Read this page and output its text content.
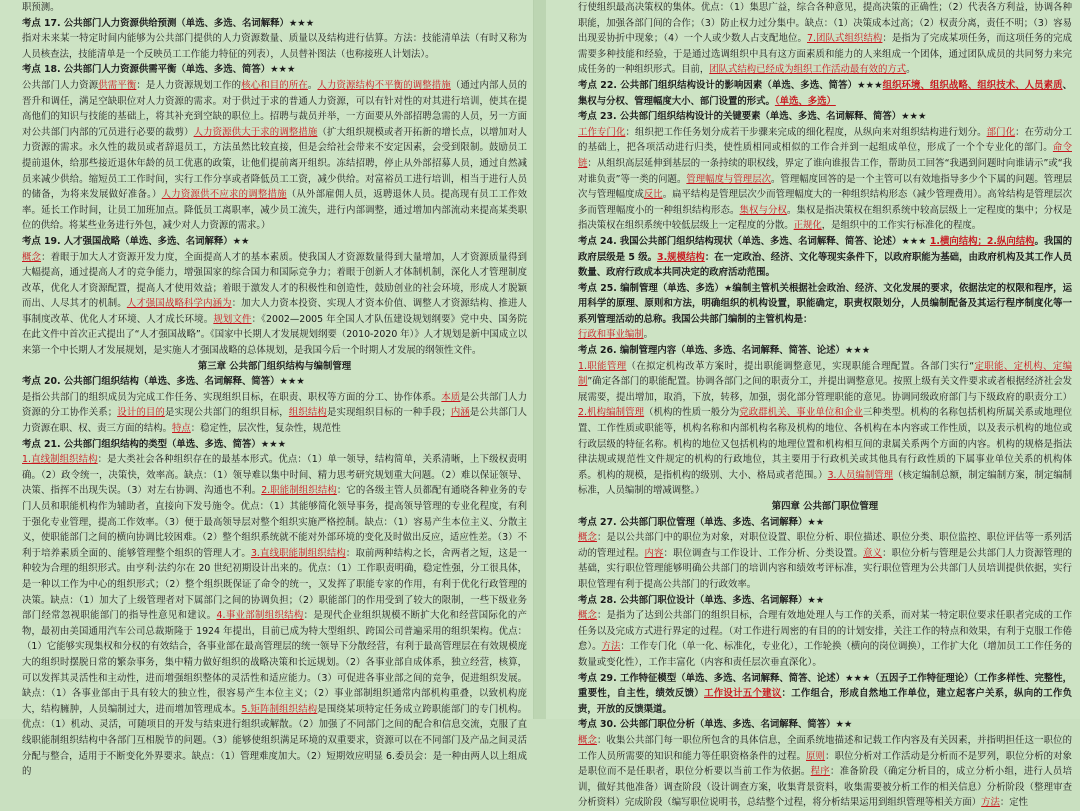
职预测。

考点 17. 公共部门人力资源供给预测（单选、多选、名词解释）★★★

指对未来某一特定时间内能够为公共部门提供的人力资源数量、质量以及结构进行估算。方法：技能清单法（有时又称为人员核查法，技能清单是一个反映员工工作能力特征的列表），人员替补图法（也称接班人计划法）。

考点 18. 公共部门人力资源供需平衡（单选、多选、简答）★★★

公共部门人力资源供需平衡：是人力资源规划工作的核心和目的所在。人力资源结构不平衡的调整措施（通过内部人员的晋升和调任，满足空缺职位对人力资源的需求。对于供过于求的普通人力资源，可以有针对性的对其进行培训，使其在提高他们的知识与技能的基础上，将其补充到空缺的职位上。招聘与裁员并举，一方面要从外部招聘急需的人员，另一方面对公共部门内部的冗员进行必要的裁剪）人力资源供大于求的调整措施（扩大组织规模或者开拓新的增长点，以增加对人力资源的需求。永久性的裁员或者辞退员工，方法虽然比较直接，但是会给社会带来不安定因素，会受到限制。鼓励员工提前退休，给那些接近退休年龄的员工优惠的政策，让他们提前离开组织。冻结招聘，停止从外部招募人员，通过自然减员来减少供给。缩短员工工作时间，实行工作分享或者降低员工工资，减少供给。对富裕员工进行培训，相当于进行人员的储备，为将来发展做好准备。）人力资源供不应求的调整措施（从外部雇佣人员，返聘退休人员。提高现有员工工作效率。延长工作时间，让员工加班加点。降低员工离职率，减少员工流失，进行内部调整，通过增加内部流动来提高某类职位的供给。将某些业务进行外包，减少对人力资源的需求。）

考点 19. 人才强国战略（单选、多选、名词解释）★★

概念：着眼于加大人才资源开发力度，全面提高人才的基本素质。使我国人才资源数量得到大量增加，人才资源质量得到大幅提高，通过提高人才的竞争能力，增强国家的综合国力和国际竞争力；着眼于创新人才体制机制，深化人才管理制度改革，优化人才资源配置，提高人才使用效益；着眼于激发人才的积极性和创造性，鼓励创业的社会环境，形成人才脱颖而出、人尽其才的机制。人才强国战略科学内涵为：加大人力资本投资、实现人才资本价值、调整人才资源结构、推进人事制度改革、优化人才环境、人才成长环境。规划文件：《2002—2005 年全国人才队伍建设规划纲要》党中央、国务院在此文件中首次正式提出了“人才强国战略”。《国家中长期人才发展规划纲要（2010-2020 年）》人才规划是新中国成立以来第一个中长期人才发展规划，是实施人才强国战略的总体规划，是我国今后一个时期人才发展的纲领性文件。

第三章 公共部门组织结构与编制管理

考点 20. 公共部门组织结构（单选、多选、名词解释、简答）★★★

是指公共部门的组织成员为完成工作任务、实现组织目标，在职责、职权等方面的分工、协作体系。本质是公共部门人力资源的分工协作关系；设计的目的是实现公共部门的组织目标，组织结构是实现组织目标的一种手段；内涵是公共部门人力资源在职、权、责三方面的结构。特点：稳定性，层次性，复杂性，规范性

考点 21. 公共部门组织结构的类型（单选、多选、简答）★★★

1.直线制组织结构：是大类社会各种组织存在的最基本形式。优点：（1）单一领导，结构简单，关系清晰，上下级权责明确。（2）政令统一，决策快，效率高。缺点：（1）领导难以集中时间、精力思考研究规划重大问题。（2）难以保证领导、决策、指挥不出现失误。（3）对左右协调、沟通也不利。2.职能制组织结构：它的各级主管人员都配有通晓各种业务的专门人员和职能机构作为辅助者，直接向下发号施令。优点：（1）其能够简化领导事务，提高领导管理的专业化程度，有利于强化专业管理，提高工作效率。（3）便于最高领导层对整个组织实施严格控制。缺点：（1）容易产生本位主义、分散主义，使职能部门之间的横向协调比较困难。（2）整个组织系统就不能对外部环境的变化及时做出反应，适应性差。（3）不利于培养素质全面的、能够管理整个组织的管理人才。3.直线职能制组织结构：取前两种结构之长，舍两者之短，这是一种较为合理的组织形式。由亨利·法约尔在 20 世纪初期设计出来的。优点：（1）工作职责明确，稳定性强，分工很具体，是一种以工作为中心的组织形式；（2）整个组织既保证了命令的统一，又发挥了职能专家的作用，有利于优化行政管理的决策。缺点：（1）加大了上级管理者对下属部门之间的协调负担；（2）职能部门的作用受到了较大的限制，一些下级业务部门经常忽视职能部门的指导性意见和建议。4.事业部制组织结构：是现代企业组织规模不断扩大化和经营国际化的产物，最初由美国通用汽车公司总裁斯隆于 1924 年提出，目前已成为特大型组织、跨国公司普遍采用的组织架构。优点：（1）它能够实现集权和分权的有效结合，各事业部在最高管理层的统一领导下分散经营，有利于最高管理层在有效规模庞大的组织时摆脱日常的繁杂事务，集中精力做好组织的战略决策和长远规划。（2）各事业部自成体系，独立经营，核算，可以发挥其灵活性和主动性，进而增强组织整体的灵活性和适应能力。（3）可促进各事业部之间的竞争，促进组织发展。缺点：（1）各事业部由于具有较大的独立性，很容易产生本位主义；（2）事业部制组织通常内部机构重叠，以致机构庞大，结构臃肿，人员编制过大，进而增加管理成本。5.矩阵制组织结构是围绕某项特定任务成立跨职能部门的专门机构。优点：（1）机动、灵活，可随项目的开发与结束进行组织或解散。（2）加强了不同部门之间的配合和信息交流，克服了直线职能制组织结构中各部门互相脱节的问题。（3）能够使组织满足环境的双重要求，资源可以在不同部门及产品之间灵活分配与整合，适用于不断变化外界要求。缺点：（1）管理难度加大。（2）短期效应明显 6.委员会：是一种由两人以上组成的

行使组织最高决策权的集体。优点：（1）集思广益，综合各种意见，提高决策的正确性；（2）代表各方利益，协调各种职能，加强各部门间的合作；（3）防止权力过分集中。缺点：（1）决策成本过高；（2）权责分离，责任不明；（3）容易出现妥协折中现象；（4）一个人或少数人占支配地位。7.团队式组织结构：是指为了完成某项任务，而这项任务的完成需要多种技能和经验，于是通过选调组织中具有这方面素质和能力的人来组成一个团体，通过团队成员的共同努力来完成任务的一种组织形式。目前，团队式结构已经成为组织工作活动最有效的方式。

考点 22. 公共部门组织结构设计的影响因素（单选、多选、简答）★★★组织环境、组织战略、组织技术、人员素质、集权与分权、管理幅度大小、部门设置的形式。（单选、多选）

考点 23. 公共部门组织结构设计的关键要素（单选、多选、名词解释、简答）★★★

工作专门化：组织把工作任务划分成若干步骤来完成的细化程度，从纵向来对组织结构进行划分。部门化：在劳动分工的基础上，把各项活动进行归类，使性质相同或相似的工作合并到一起组成单位，形成了一个个专业化的部门。命令链：从组织高层延伸到基层的一条持续的职权线，界定了谁向谁报告工作，帮助员工回答“我遇到问题时向谁请示”或“我对谁负责”等一类的问题。管理幅度与管理层次。管理幅度回答的是一个主管可以有效地指导多少个下属的问题。管理层次与管理幅度成反比。扁平结构是管理层次少而管理幅度大的一种组织结构形态（减少管理费用）。高耸结构是管理层次多而管理幅度小的一种组织结构形态。集权与分权。集权是指决策权在组织系统中较高层级上一定程度的集中；分权是指决策权在组织系统中较低层级上一定程度的分散。正规化，是组织中的工作实行标准化的程度。

考点 24. 我国公共部门组织结构现状（单选、多选、名词解释、简答、论述）★★★ 1.横向结构；2.纵向结构。我国的政府层级是 5 级。3.规模结构：在一定政治、经济、文化等现实条件下，以政府职能为基础，由政府机构及其工作人员数量、政府行政成本共同决定的政府活动范围。

考点 25. 编制管理（单选、多选）★编制主管机关根据社会政治、经济、文化发展的要求，依据法定的权限和程序，运用科学的原理、原则和方法，明确组织的机构设置，职能确定，职责权限划分，人员编制配备及其运行程序制度化等一系列管理活动的总称。我国公共部门编制的主管机构是：

行政和事业编制。

考点 26. 编制管理内容（单选、多选、名词解释、简答、论述）★★★

1.职能管理（在拟定机构改革方案时，提出职能调整意见，实现职能合理配置。各部门实行“定职能、定机构、定编制”确定各部门的职能配置。协调各部门之间的职责分工，并提出调整意见。按照上级有关文件要求或者根据经济社会发展需要，提出增加，取消，下放，转移，加强，弱化部分管理职能的意见。协调同级政府部门与下级政府的职责分工）2.机构编制管理（机构的性质一般分为党政群机关、事业单位和企业三种类型。机构的名称包括机构所属关系或地理位置、工作性质或职能等，机构名称和内部机构名称及机构的地位、各机构在本内容或工作性质，以及表示机构的地位或行政层级的特征名称。机构的地位又包括机构的地理位置和机构相互间的隶属关系两个方面的内容。机构的规格是指法律法规或规范性文件规定的机构的行政地位，其主要用于行政机关或其他具有行政性质的下属事业单位关系的机构体系。机构的规模，是指机构的级别、大小、格局或者范围。）3.人员编制管理（核定编制总额，制定编制方案，制定编制标准，人员编制的增减调整。）

第四章 公共部门职位管理

考点 27. 公共部门职位管理（单选、多选、名词解释）★★

概念：是以公共部门中的职位为对象，对职位设置、职位分析、职位描述、职位分类、职位监控、职位评估等一系列活动的管理过程。内容：职位调查与工作设计、工作分析、分类设置。意义：职位分析与管理是公共部门人力资源管理的基础，实行职位管理能够明确公共部门的培训内容和绩效考评标准，实行职位管理为公共部门人员培训提供依据，实行职位管理有利于提高公共部门的行政效率。

考点 28. 公共部门职位设计（单选、多选、名词解释）★★

概念：是指为了达到公共部门的组织目标，合理有效地处理人与工作的关系，而对某一特定职位要求任职者完成的工作任务以及完成方式进行界定的过程。（对工作进行周密的有目的的计划安排，关注工作的特点和效果，有利于克服工作倦怠）。方法：工作专门化（单一化、标准化，专业化），工作轮换（横向的岗位调换），工作扩大化（增加员工工作任务的数量或变化性），工作丰富化（内容和责任层次垂直深化）。

考点 29. 工作特征模型（单选、多选、名词解释、简答、论述）★★★（五因子工作特征理论）（工作多样性、完整性，重要性，自主性，绩效反馈）工作设计五个建议：工作组合，形成自然地工作单位，建立起客户关系，纵向的工作负责，开放的反馈渠道。

考点 30. 公共部门职位分析（单选、多选、名词解释、简答）★★

概念：收集公共部门每一职位所包含的具体信息，全面系统地描述和记载工作内容及有关因素，并指明担任这一职位的工作人员所需要的知识和能力等任职资格条件的过程。原则：职位分析对工作活动是分析而不是罗列，职位分析的对象是职位而不是任职者，职位分析要以当前工作为依据。程序：准备阶段（确定分析目的，成立分析小组，进行人员培训，做好其他准备）调查阶段（设计调查方案，收集背景资料，收集需要被分析工作的相关信息）分析阶段（整理审查分析资料）完成阶段（编写职位说明书，总结整个过程，将分析结果运用到组织管理等相关方面）方法：定性
